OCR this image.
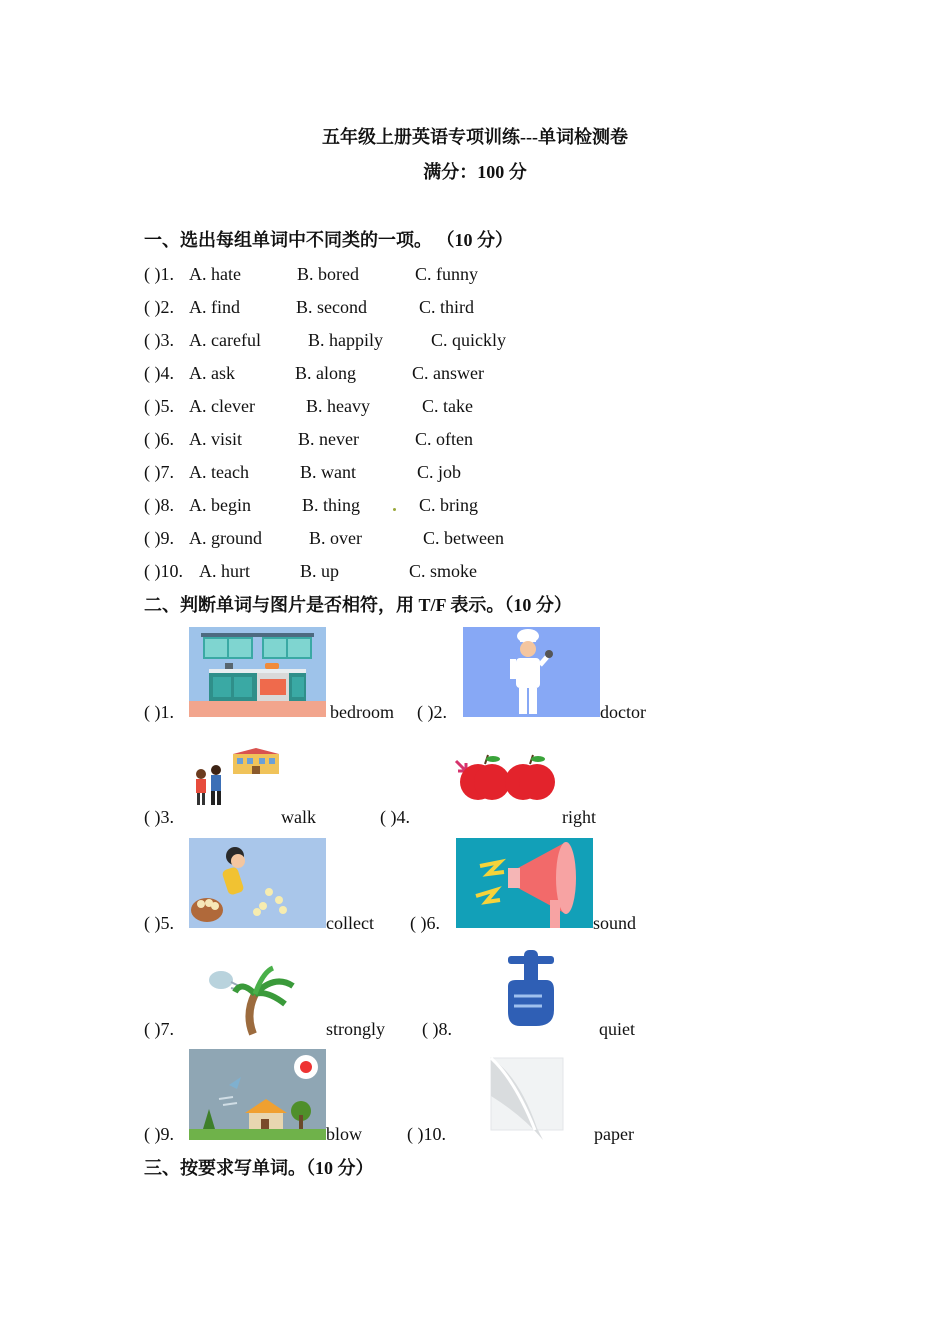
五年级上册英语专项训练---单词检测卷
满分：100 分
一、选出每组单词中不同类的一项。 （10 分）
( )1. A. hate	B. bored	C. funny
( )2. A. find	B. second	C. third
( )3. A. careful	B. happily	C. quickly
( )4. A. ask	B. along	C. answer
( )5. A. clever	B. heavy	C. take
( )6. A. visit	B. never	C. often
( )7. A. teach	B. want	C. job
( )8. A. begin	B. thing	C. bring
( )9. A. ground	B. over	C. between
( )10. A. hurt	B. up	C. smoke
二、判断单词与图片是否相符，用 T/F 表示。（10 分）
( )1.	bedroom ( )2.	doctor
( )3.	walk	( )4.	right
( )5.	collect ( )6.	sound
( )7.	strongly ( )8.	quiet
( )9.	blow	( )10.	paper
三、按要求写单词。（10 分）
